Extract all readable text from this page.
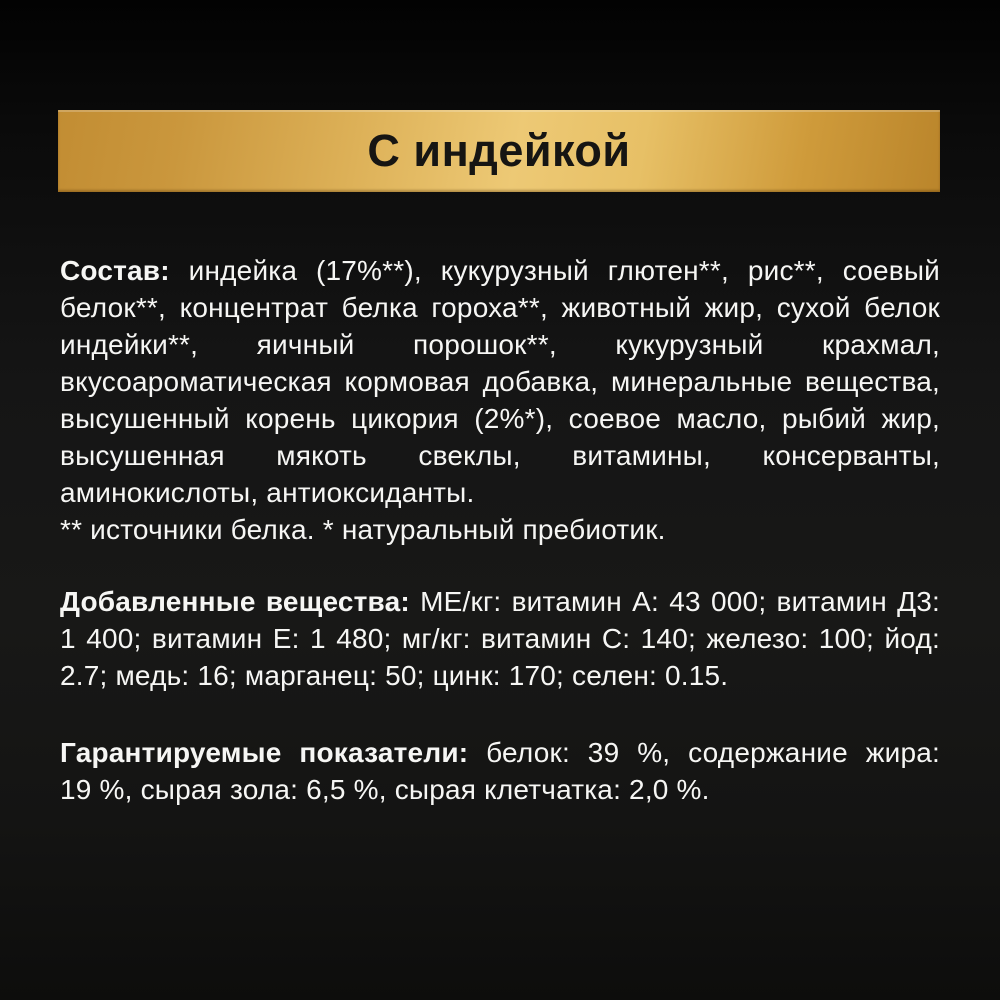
С индейкой

Состав: индейка (17%**), кукурузный глютен**, рис**, соевый белок**, концентрат белка гороха**, животный жир, сухой белок индейки**, яичный порошок**, кукурузный крахмал, вкусоароматическая кормовая добавка, минеральные вещества, высушенный корень цикория (2%*), соевое масло, рыбий жир, высушенная мякоть свеклы, витамины, консерванты, аминокислоты, антиоксиданты.

** источники белка. * натуральный пребиотик.

Добавленные вещества: МЕ/кг: витамин А: 43 000; витамин Д3: 1 400; витамин Е: 1 480; мг/кг: витамин С: 140; железо: 100; йод: 2.7; медь: 16; марганец: 50; цинк: 170; селен: 0.15.

Гарантируемые показатели: белок: 39 %, содержание жира: 19 %, сырая зола: 6,5 %, сырая клетчатка: 2,0 %.
